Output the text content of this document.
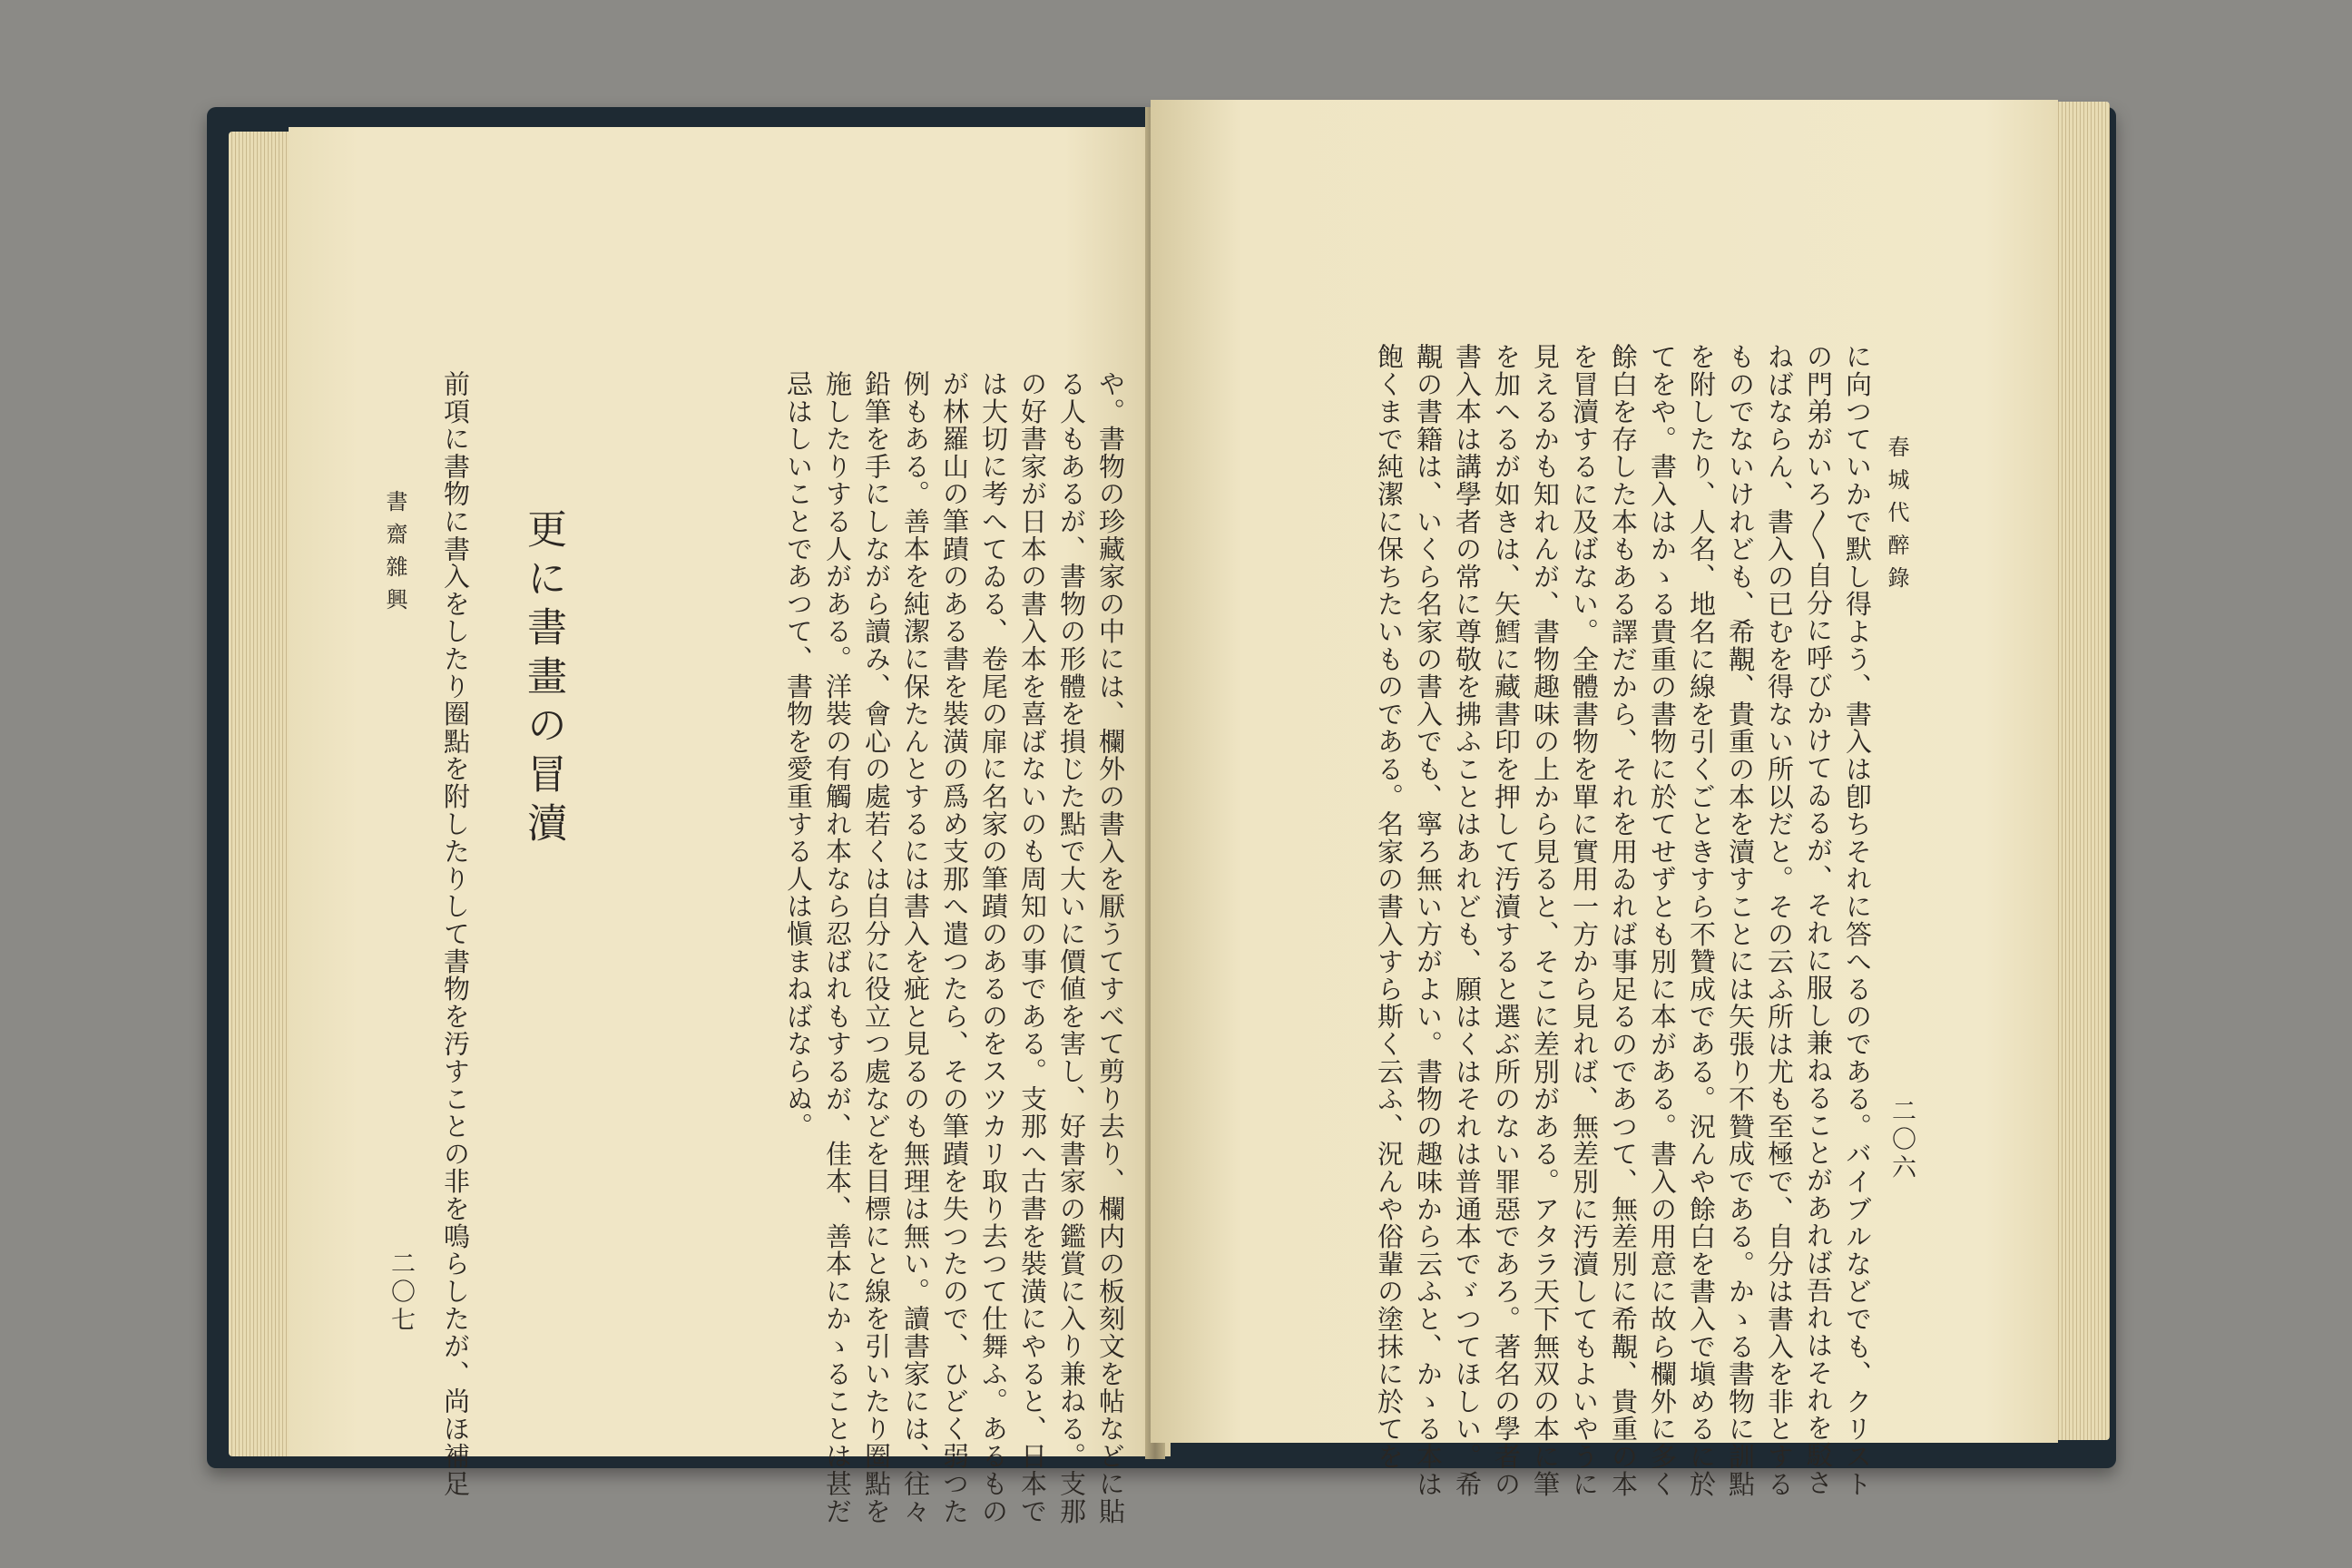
や。書物の珍藏家の中には、欄外の書入を厭うてすべて剪り去り、欄内の板刻文を帖などに貼
る人もあるが、書物の形體を損じた點で大いに價値を害し、好書家の鑑賞に入り兼ねる。支那
の好書家が日本の書入本を喜ばないのも周知の事である。支那へ古書を裝潢にやると、日本で
は大切に考へてゐる、卷尾の扉に名家の筆蹟のあるのをスツカリ取り去つて仕舞ふ。あるもの
が林羅山の筆蹟のある書を裝潢の爲め支那へ遣つたら、その筆蹟を失つたので、ひどく弱つた
例もある。善本を純潔に保たんとするには書入を疵と見るのも無理は無い。讀書家には、往々
鉛筆を手にしながら讀み、會心の處若くは自分に役立つ處などを目標にと線を引いたり圈點を
施したりする人がある。洋裝の有觸れ本なら忍ばれもするが、佳本、善本にかゝることは甚だ
忌はしいことであつて、書物を愛重する人は愼まねばならぬ。
更に書畫の冒瀆
前項に書物に書入をしたり圈點を附したりして書物を汚すことの非を鳴らしたが、尚ほ補足
書齋雜興
二〇七
春城代醉錄
二〇六
に向つていかで默し得よう、書入は卽ちそれに答へるのである。バイブルなどでも、クリスト
の門弟がいろ〳〵自分に呼びかけてゐるが、それに服し兼ねることがあれば吾れはそれを駁さ
ねばならん、書入の已むを得ない所以だと。その云ふ所は尤も至極で、自分は書入を非とする
ものでないけれども、希覯、貴重の本を瀆すことには矢張り不贊成である。かゝる書物に訓點
を附したり、人名、地名に線を引くごときすら不贊成である。況んや餘白を書入で塡めるに於
てをや。書入はかゝる貴重の書物に於てせずとも別に本がある。書入の用意に故ら欄外に多く
餘白を存した本もある譯だから、それを用ゐれば事足るのであつて、無差別に希覯、貴重の本
を冒瀆するに及ばない。全體書物を單に實用一方から見れば、無差別に汚瀆してもよいやうに
見えるかも知れんが、書物趣味の上から見ると、そこに差別がある。アタラ天下無双の本に筆
を加へるが如きは、矢鱈に藏書印を押して汚瀆すると選ぶ所のない罪惡であろ。著名の學者の
書入本は講學者の常に尊敬を拂ふことはあれども、願はくはそれは普通本でゞつてほしい。希
覯の書籍は、いくら名家の書入でも、寧ろ無い方がよい。書物の趣味から云ふと、かゝる本は
飽くまで純潔に保ちたいものである。名家の書入すら斯く云ふ、況んや俗輩の塗抹に於てを
